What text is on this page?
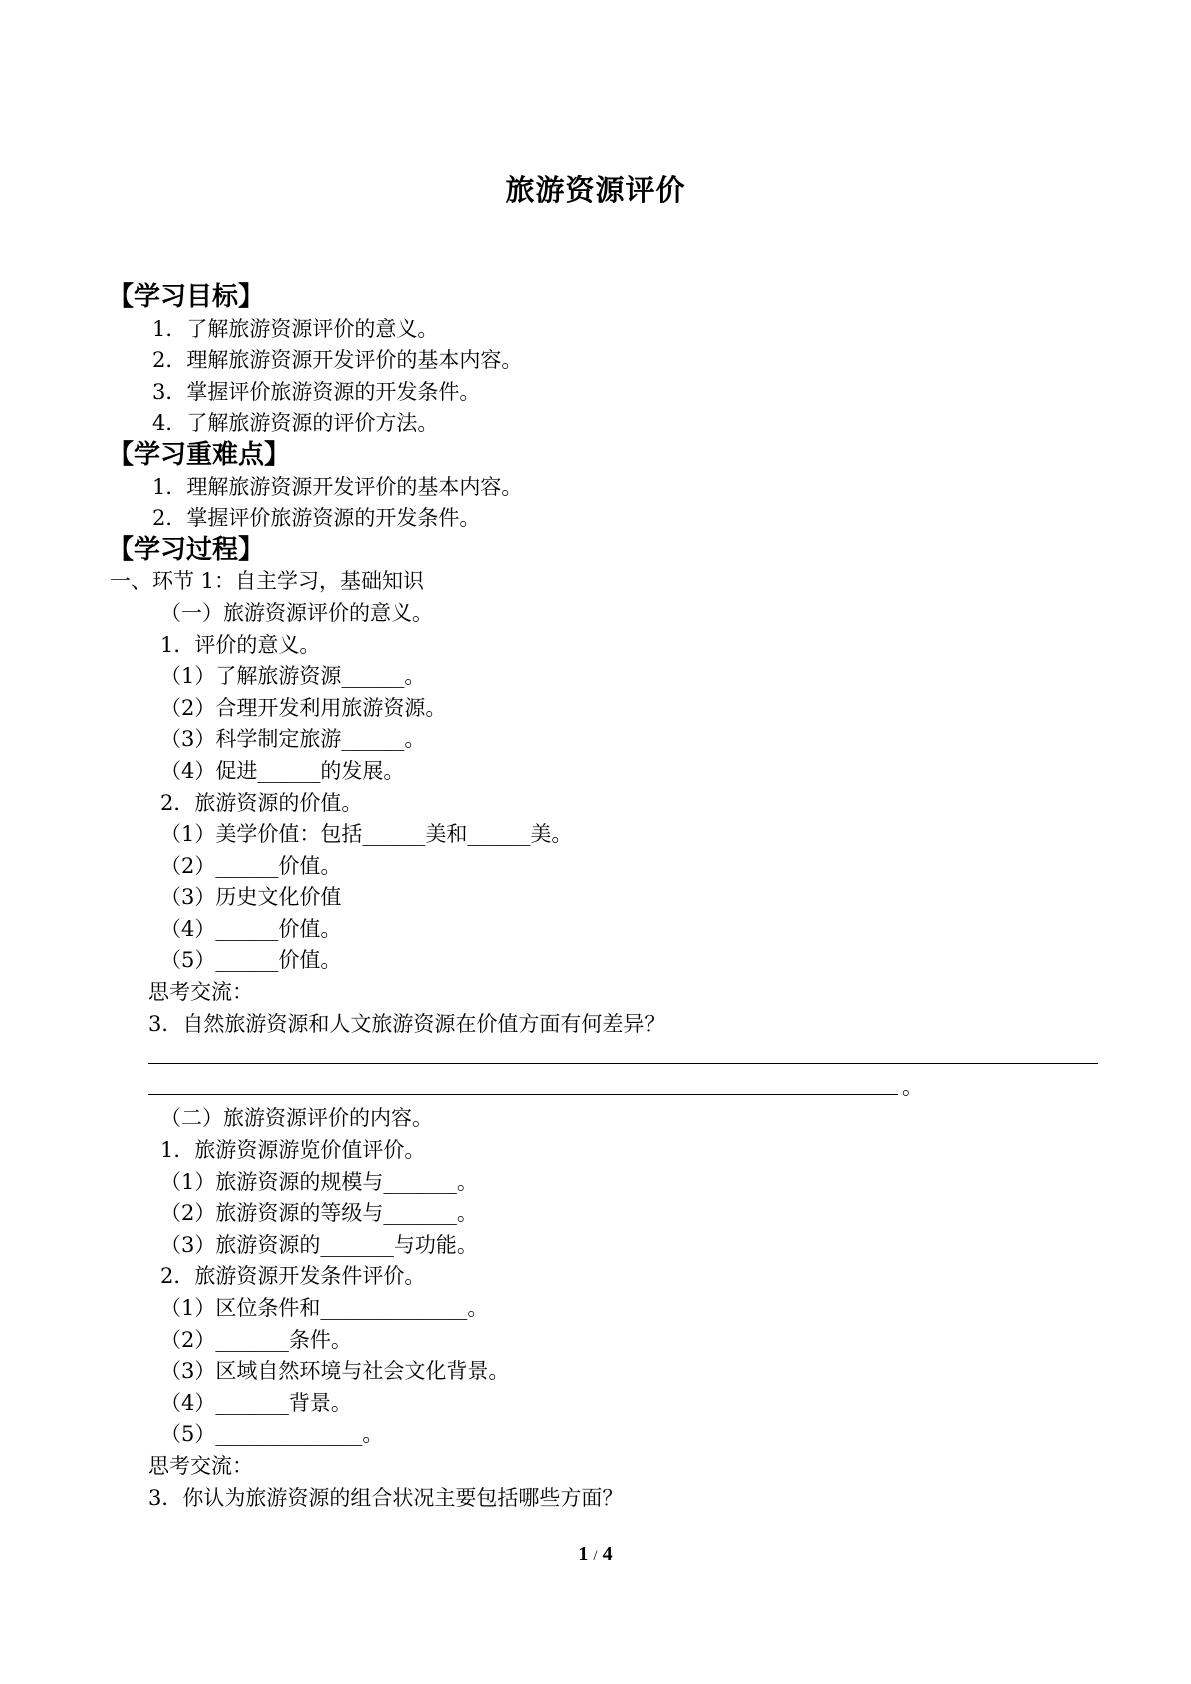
旅游资源评价
【学习目标】
1．了解旅游资源评价的意义。
2．理解旅游资源开发评价的基本内容。
3．掌握评价旅游资源的开发条件。
4．了解旅游资源的评价方法。
【学习重难点】
1．理解旅游资源开发评价的基本内容。
2．掌握评价旅游资源的开发条件。
【学习过程】
一、环节 1：自主学习，基础知识
（一）旅游资源评价的意义。
1．评价的意义。
（1）了解旅游资源______。
（2）合理开发利用旅游资源。
（3）科学制定旅游______。
（4）促进______的发展。
2．旅游资源的价值。
（1）美学价值：包括______美和______美。
（2）______价值。
（3）历史文化价值
（4）______价值。
（5）______价值。
思考交流：
3．自然旅游资源和人文旅游资源在价值方面有何差异？
。
（二）旅游资源评价的内容。
1．旅游资源游览价值评价。
（1）旅游资源的规模与_______。
（2）旅游资源的等级与_______。
（3）旅游资源的_______与功能。
2．旅游资源开发条件评价。
（1）区位条件和______________。
（2）_______条件。
（3）区域自然环境与社会文化背景。
（4）_______背景。
（5）______________。
思考交流：
3．你认为旅游资源的组合状况主要包括哪些方面？
1 / 4
